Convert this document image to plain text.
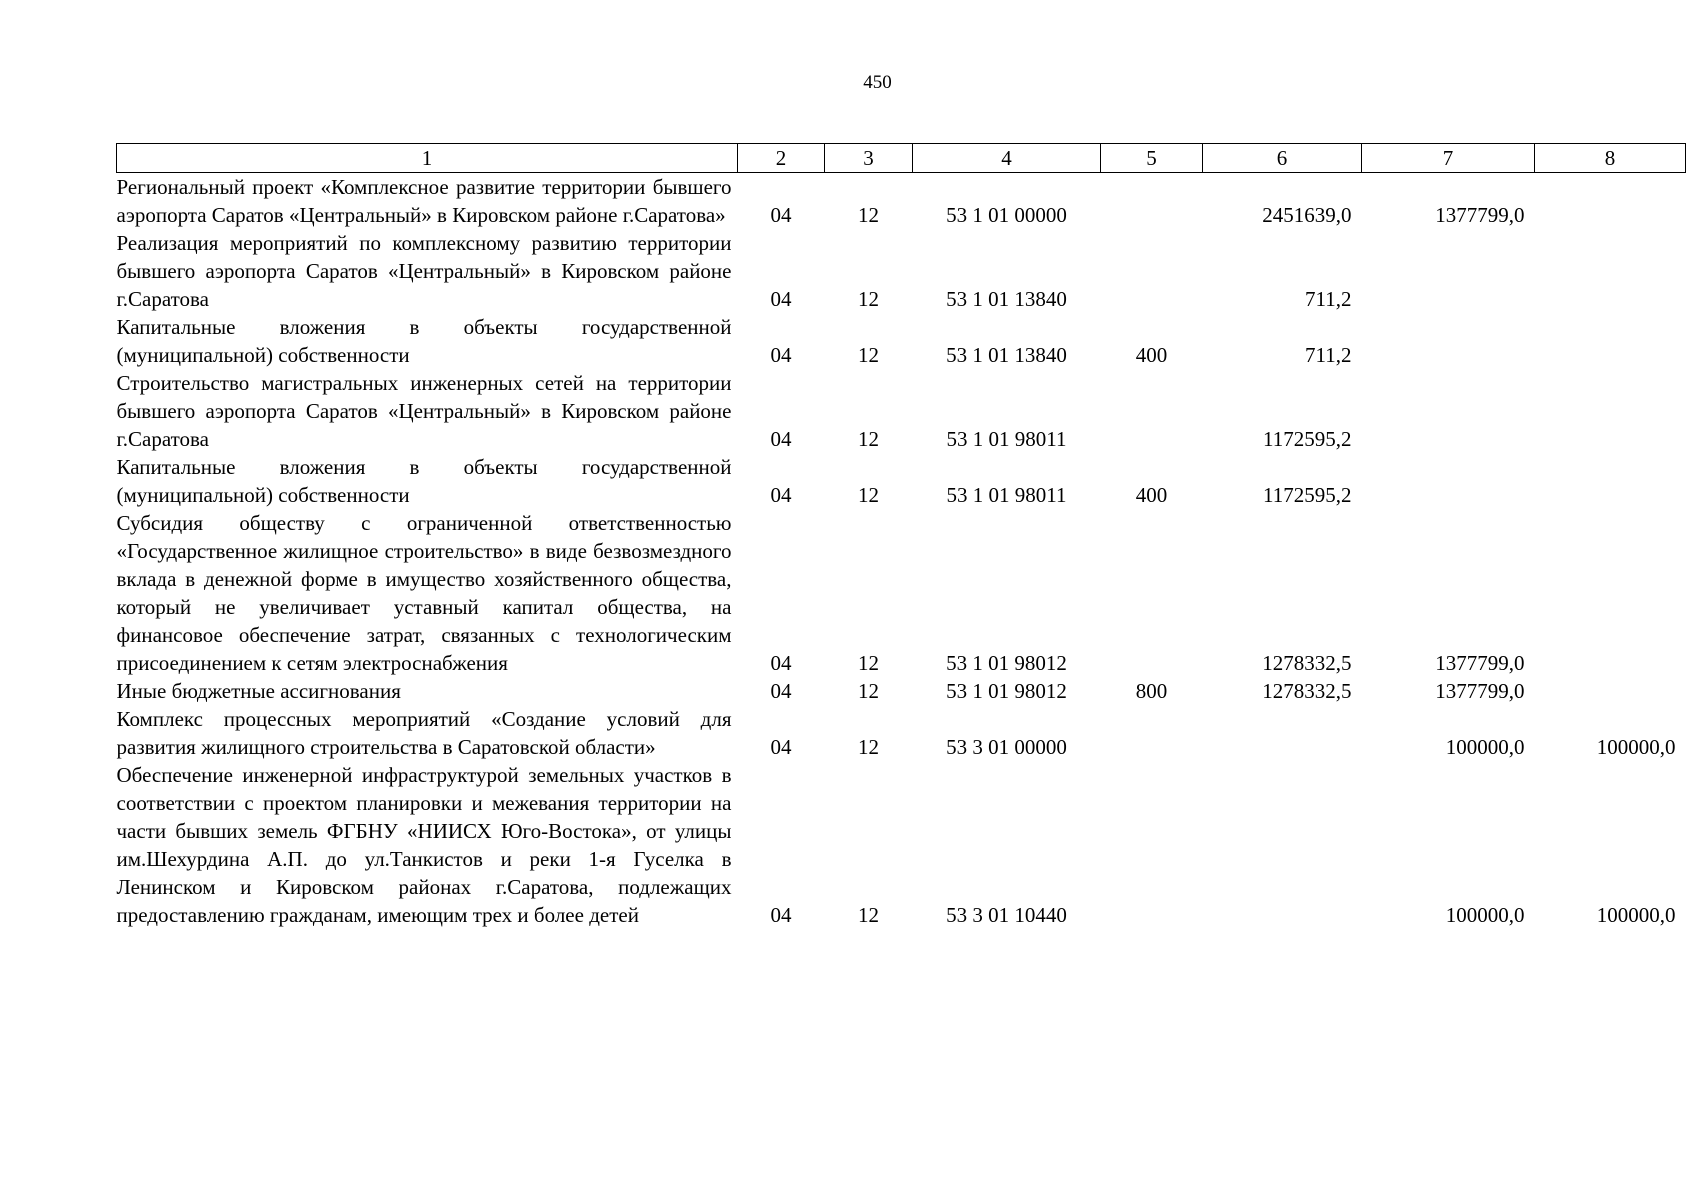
450
1	2	3	4	5	6	7	8
Региональный проект «Комплексное развитие территории бывшего аэропорта Саратов «Центральный» в Кировском районе г.Саратова»	04	12	53 1 01 00000		2451639,0	1377799,0	
Реализация мероприятий по комплексному развитию территории бывшего аэропорта Саратов «Центральный» в Кировском районе г.Саратова	04	12	53 1 01 13840		711,2		
Капитальные вложения в объекты государственной (муниципальной) собственности	04	12	53 1 01 13840	400	711,2		
Строительство магистральных инженерных сетей на территории бывшего аэропорта Саратов «Центральный» в Кировском районе г.Саратова	04	12	53 1 01 98011		1172595,2		
Капитальные вложения в объекты государственной (муниципальной) собственности	04	12	53 1 01 98011	400	1172595,2		
Субсидия обществу с ограниченной ответственностью «Государственное жилищное строительство» в виде безвозмездного вклада в денежной форме в имущество хозяйственного общества, который не увеличивает уставный капитал общества, на финансовое обеспечение затрат, связанных с технологическим присоединением к сетям электроснабжения	04	12	53 1 01 98012		1278332,5	1377799,0	
Иные бюджетные ассигнования	04	12	53 1 01 98012	800	1278332,5	1377799,0	
Комплекс процессных мероприятий «Создание условий для развития жилищного строительства в Саратовской области»	04	12	53 3 01 00000			100000,0	100000,0
Обеспечение инженерной инфраструктурой земельных участков в соответствии с проектом планировки и межевания территории на части бывших земель ФГБНУ «НИИСХ Юго-Востока», от улицы им.Шехурдина А.П. до ул.Танкистов и реки 1-я Гуселка в Ленинском и Кировском районах г.Саратова, подлежащих предоставлению гражданам, имеющим трех и более детей	04	12	53 3 01 10440			100000,0	100000,0
